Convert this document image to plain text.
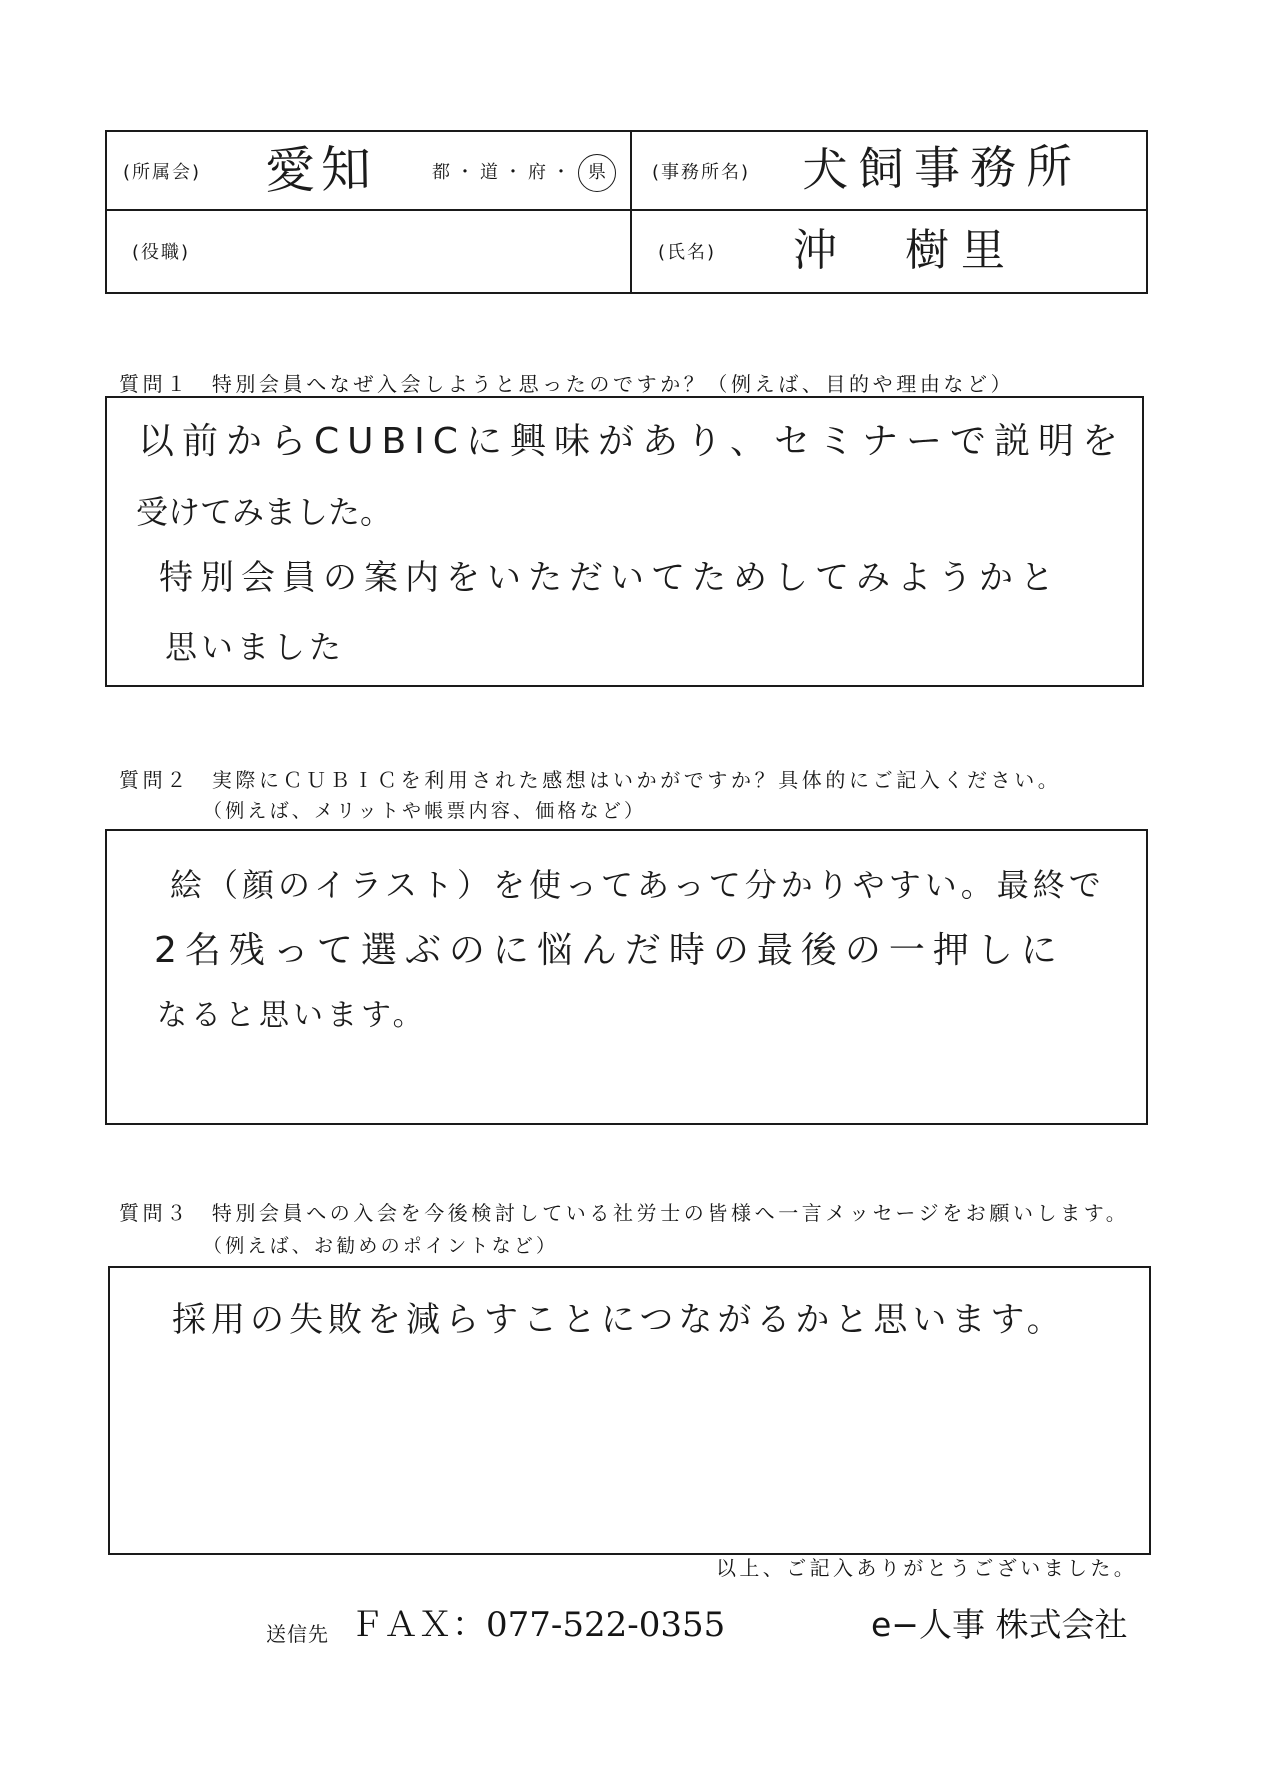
(所属会) 愛知	都 ・ 道 ・ 府 ・	県	(事務所名) 犬飼事務所
(役職)	(氏名) 沖　樹里
質問１ 特別会員へなぜ入会しようと思ったのですか？（例えば、目的や理由など）
以前からCUBICに興味があり、セミナーで説明を
受けてみました。
特別会員の案内をいただいてためしてみようかと
思いました
質問２ 実際にＣＵＢＩＣを利用された感想はいかがですか？具体的にご記入ください。
（例えば、メリットや帳票内容、価格など）
絵（顔のイラスト）を使ってあって分かりやすい。最終で
2名残って選ぶのに悩んだ時の最後の一押しに
なると思います。
質問３ 特別会員への入会を今後検討している社労士の皆様へ一言メッセージをお願いします。
（例えば、お勧めのポイントなど）
採用の失敗を減らすことにつながるかと思います。
以上、ご記入ありがとうございました。
送信先 ＦＡＸ：077-522-0355	e−人事 株式会社
